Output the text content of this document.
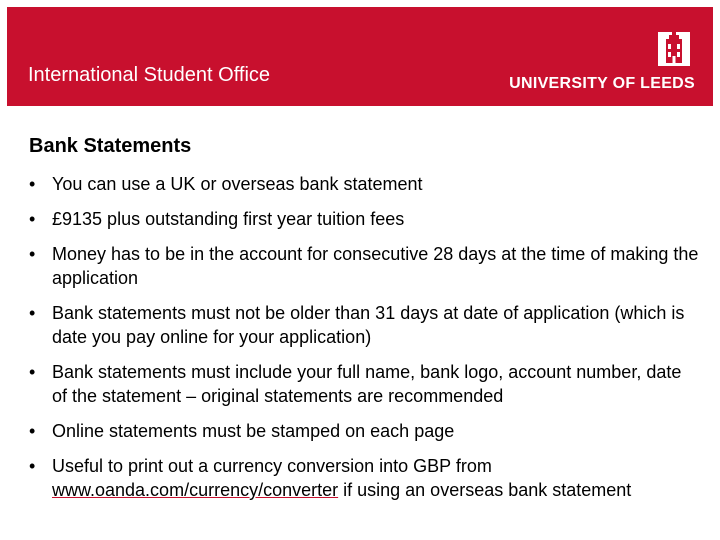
International Student Office	UNIVERSITY OF LEEDS
Bank Statements
• You can use a UK or overseas bank statement
• £9135 plus outstanding first year tuition fees
• Money has to be in the account for consecutive 28 days at the time of making the application
• Bank statements must not be older than 31 days at date of application (which is date you pay online for your application)
• Bank statements must include your full name, bank logo, account number, date of the statement – original statements are recommended
• Online statements must be stamped on each page
• Useful to print out a currency conversion into GBP from www.oanda.com/currency/converter if using an overseas bank statement
